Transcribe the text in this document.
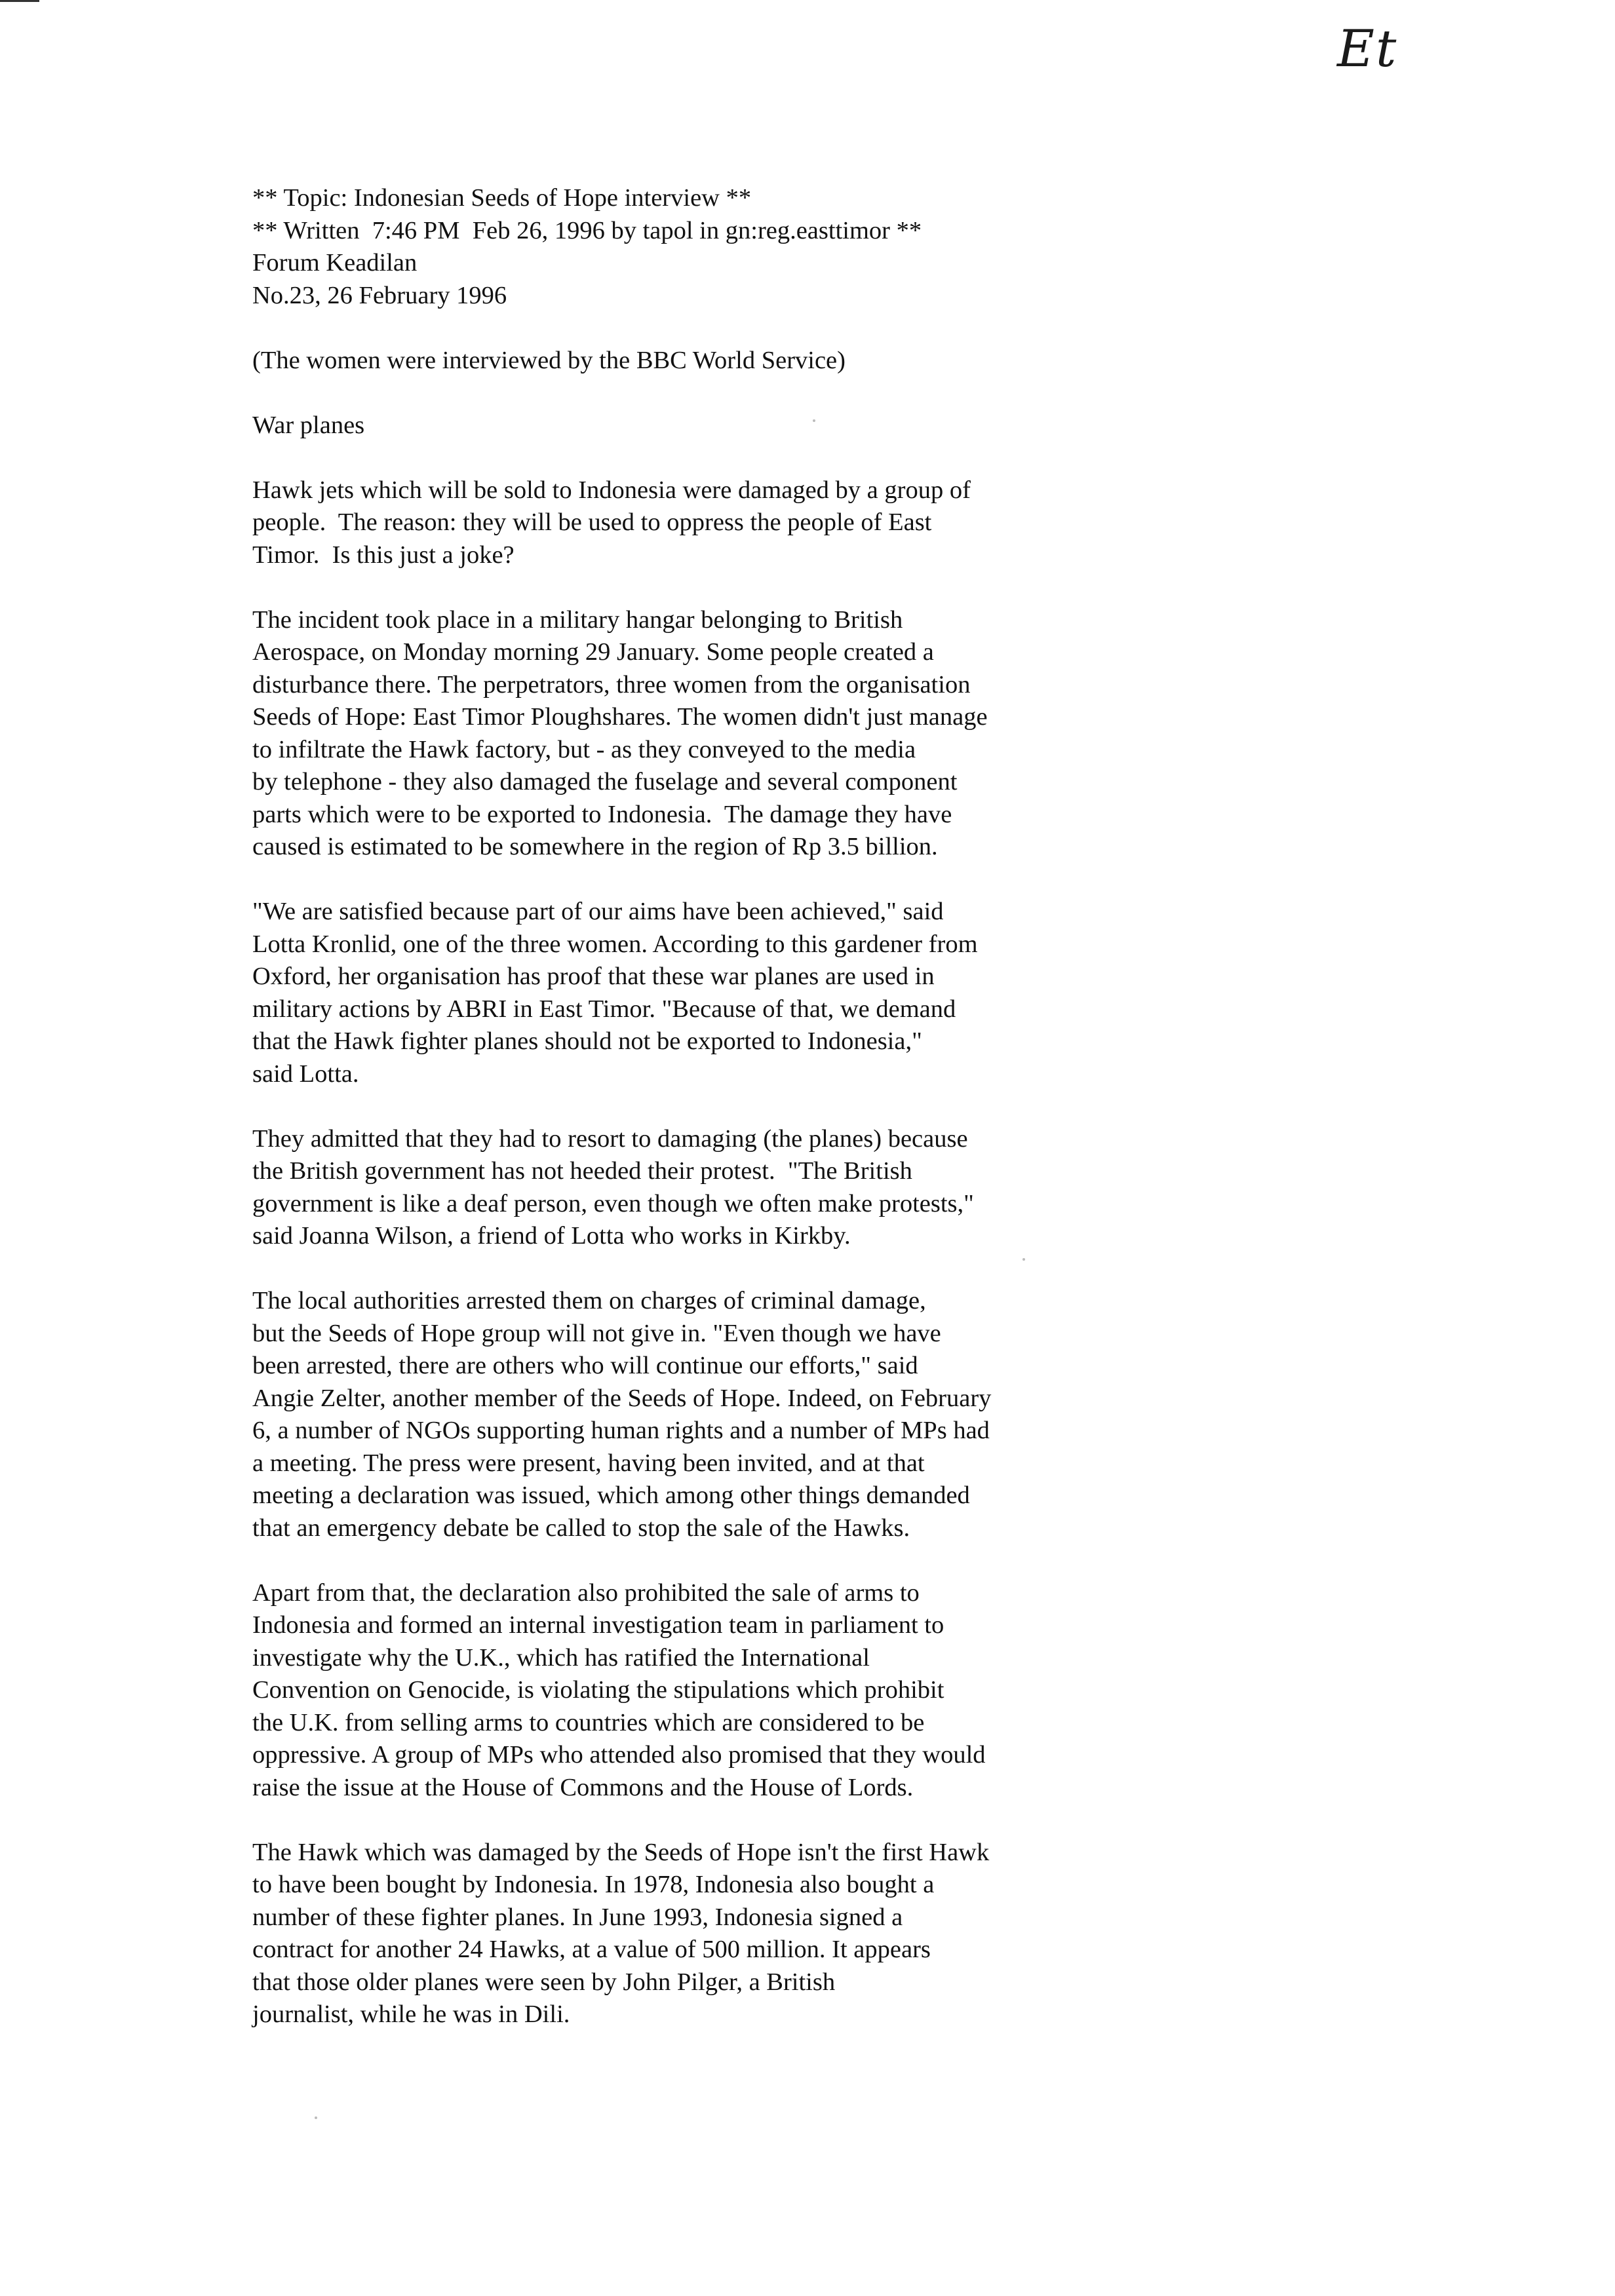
Et
** Topic: Indonesian Seeds of Hope interview **
** Written  7:46 PM  Feb 26, 1996 by tapol in gn:reg.easttimor **
Forum Keadilan
No.23, 26 February 1996
(The women were interviewed by the BBC World Service)
War planes
Hawk jets which will be sold to Indonesia were damaged by a group of
people.  The reason: they will be used to oppress the people of East
Timor.  Is this just a joke?
The incident took place in a military hangar belonging to British
Aerospace, on Monday morning 29 January. Some people created a
disturbance there. The perpetrators, three women from the organisation
Seeds of Hope: East Timor Ploughshares. The women didn't just manage
to infiltrate the Hawk factory, but - as they conveyed to the media
by telephone - they also damaged the fuselage and several component
parts which were to be exported to Indonesia.  The damage they have
caused is estimated to be somewhere in the region of Rp 3.5 billion.
"We are satisfied because part of our aims have been achieved," said
Lotta Kronlid, one of the three women. According to this gardener from
Oxford, her organisation has proof that these war planes are used in
military actions by ABRI in East Timor. "Because of that, we demand
that the Hawk fighter planes should not be exported to Indonesia,"
said Lotta.
They admitted that they had to resort to damaging (the planes) because
the British government has not heeded their protest.  "The British
government is like a deaf person, even though we often make protests,"
said Joanna Wilson, a friend of Lotta who works in Kirkby.
The local authorities arrested them on charges of criminal damage,
but the Seeds of Hope group will not give in. "Even though we have
been arrested, there are others who will continue our efforts," said
Angie Zelter, another member of the Seeds of Hope. Indeed, on February
6, a number of NGOs supporting human rights and a number of MPs had
a meeting. The press were present, having been invited, and at that
meeting a declaration was issued, which among other things demanded
that an emergency debate be called to stop the sale of the Hawks.
Apart from that, the declaration also prohibited the sale of arms to
Indonesia and formed an internal investigation team in parliament to
investigate why the U.K., which has ratified the International
Convention on Genocide, is violating the stipulations which prohibit
the U.K. from selling arms to countries which are considered to be
oppressive. A group of MPs who attended also promised that they would
raise the issue at the House of Commons and the House of Lords.
The Hawk which was damaged by the Seeds of Hope isn't the first Hawk
to have been bought by Indonesia. In 1978, Indonesia also bought a
number of these fighter planes. In June 1993, Indonesia signed a
contract for another 24 Hawks, at a value of 500 million. It appears
that those older planes were seen by John Pilger, a British
journalist, while he was in Dili.
